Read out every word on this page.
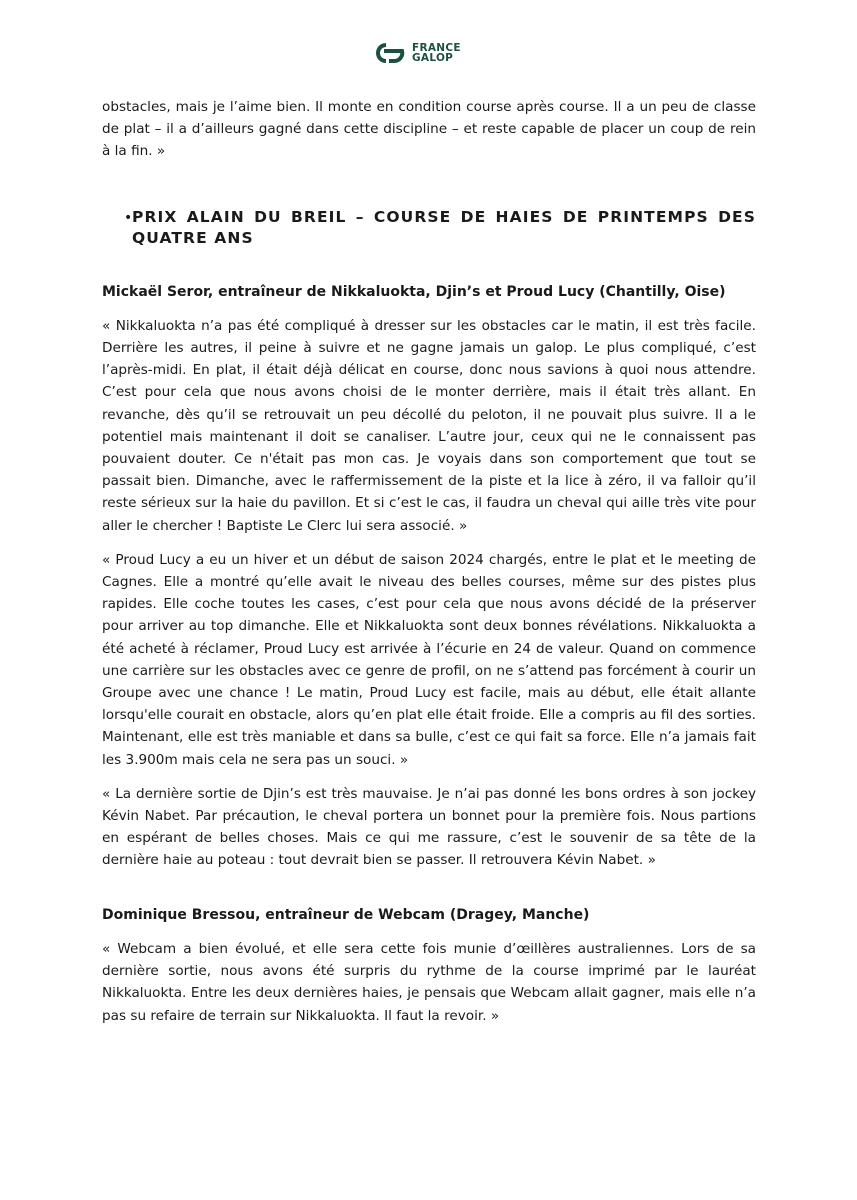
FRANCE
GALOP

obstacles, mais je l’aime bien. Il monte en condition course après course. Il a un peu de classe de plat – il a d’ailleurs gagné dans cette discipline – et reste capable de placer un coup de rein à la fin. »

• PRIX ALAIN DU BREIL – COURSE DE HAIES DE PRINTEMPS DES QUATRE ANS

Mickaël Seror, entraîneur de Nikkaluokta, Djin’s et Proud Lucy (Chantilly, Oise)

« Nikkaluokta n’a pas été compliqué à dresser sur les obstacles car le matin, il est très facile. Derrière les autres, il peine à suivre et ne gagne jamais un galop. Le plus compliqué, c’est l’après-midi. En plat, il était déjà délicat en course, donc nous savions à quoi nous attendre. C’est pour cela que nous avons choisi de le monter derrière, mais il était très allant. En revanche, dès qu’il se retrouvait un peu décollé du peloton, il ne pouvait plus suivre. Il a le potentiel mais maintenant il doit se canaliser. L’autre jour, ceux qui ne le connaissent pas pouvaient douter. Ce n'était pas mon cas. Je voyais dans son comportement que tout se passait bien. Dimanche, avec le raffermissement de la piste et la lice à zéro, il va falloir qu’il reste sérieux sur la haie du pavillon. Et si c’est le cas, il faudra un cheval qui aille très vite pour aller le chercher ! Baptiste Le Clerc lui sera associé. »

« Proud Lucy a eu un hiver et un début de saison 2024 chargés, entre le plat et le meeting de Cagnes. Elle a montré qu’elle avait le niveau des belles courses, même sur des pistes plus rapides. Elle coche toutes les cases, c’est pour cela que nous avons décidé de la préserver pour arriver au top dimanche. Elle et Nikkaluokta sont deux bonnes révélations. Nikkaluokta a été acheté à réclamer, Proud Lucy est arrivée à l’écurie en 24 de valeur. Quand on commence une carrière sur les obstacles avec ce genre de profil, on ne s’attend pas forcément à courir un Groupe avec une chance ! Le matin, Proud Lucy est facile, mais au début, elle était allante lorsqu'elle courait en obstacle, alors qu’en plat elle était froide. Elle a compris au fil des sorties. Maintenant, elle est très maniable et dans sa bulle, c’est ce qui fait sa force. Elle n’a jamais fait les 3.900m mais cela ne sera pas un souci. »

« La dernière sortie de Djin’s est très mauvaise. Je n’ai pas donné les bons ordres à son jockey Kévin Nabet. Par précaution, le cheval portera un bonnet pour la première fois. Nous partions en espérant de belles choses. Mais ce qui me rassure, c’est le souvenir de sa tête de la dernière haie au poteau : tout devrait bien se passer. Il retrouvera Kévin Nabet. »

Dominique Bressou, entraîneur de Webcam (Dragey, Manche)

« Webcam a bien évolué, et elle sera cette fois munie d’œillères australiennes. Lors de sa dernière sortie, nous avons été surpris du rythme de la course imprimé par le lauréat Nikkaluokta. Entre les deux dernières haies, je pensais que Webcam allait gagner, mais elle n’a pas su refaire de terrain sur Nikkaluokta. Il faut la revoir. »
